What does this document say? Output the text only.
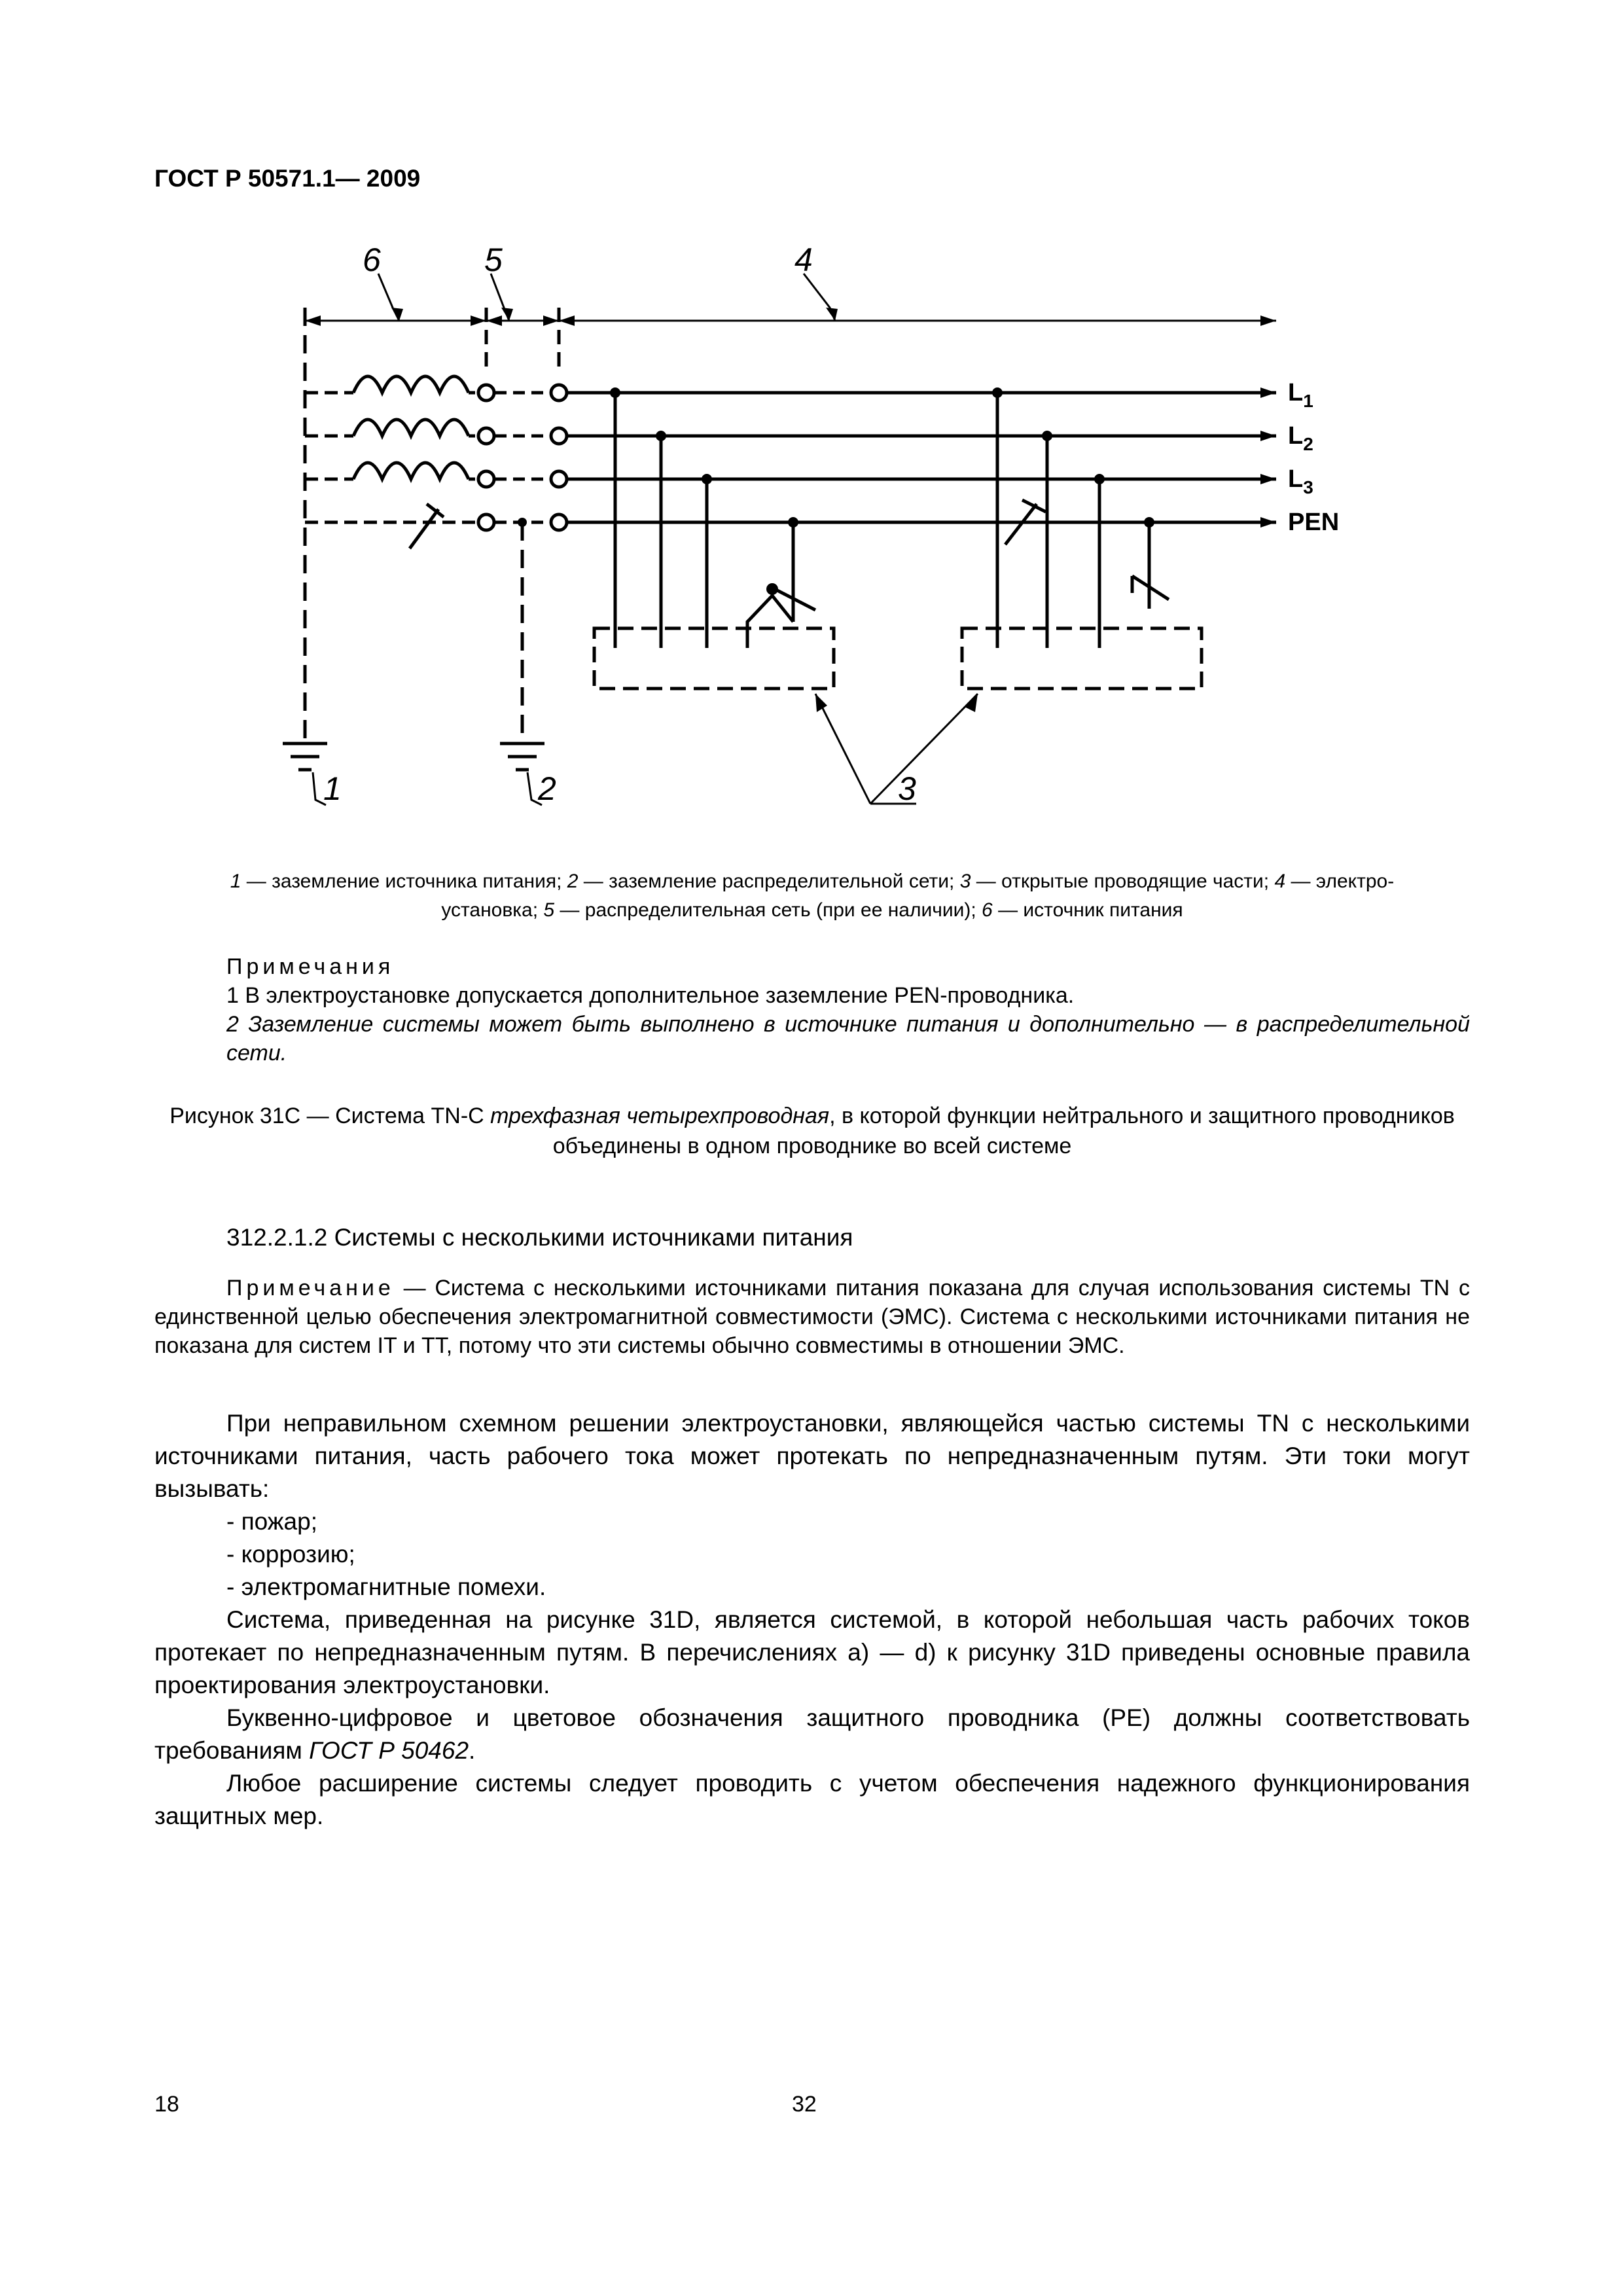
ГОСТ Р 50571.1— 2009
6	5	4
1	2	3
$L_1$
$L_2$
$L_3$
PEN
1 — заземление источника питания; 2 — заземление распределительной сети; 3 — открытые проводящие части; 4 — электро-
установка; 5 — распределительная сеть (при ее наличии); 6 — источник питания
Примечания
1 В электроустановке допускается дополнительное заземление PEN-проводника.
2 Заземление системы может быть выполнено в источнике питания и дополнительно — в распределительной сети.
Рисунок 31С — Система TN-C трехфазная четырехпроводная, в которой функции нейтрального и защитного проводников объединены в одном проводнике во всей системе
312.2.1.2 Системы с несколькими источниками питания
Примечание — Система с несколькими источниками питания показана для случая использования системы TN с единственной целью обеспечения электромагнитной совместимости (ЭМС). Система с несколькими источниками питания не показана для систем IT и TT, потому что эти системы обычно совместимы в отношении ЭМС.

При неправильном схемном решении электроустановки, являющейся частью системы TN с несколькими источниками питания, часть рабочего тока может протекать по непредназначенным путям. Эти токи могут вызывать:

- пожар;

- коррозию;

- электромагнитные помехи.

Система, приведенная на рисунке 31D, является системой, в которой небольшая часть рабочих токов протекает по непредназначенным путям. В перечислениях а) — d) к рисунку 31D приведены основные правила проектирования электроустановки.

Буквенно-цифровое и цветовое обозначения защитного проводника (РЕ) должны соответствовать требованиям ГОСТ Р 50462.

Любое расширение системы следует проводить с учетом обеспечения надежного функционирования защитных мер.

18	32
